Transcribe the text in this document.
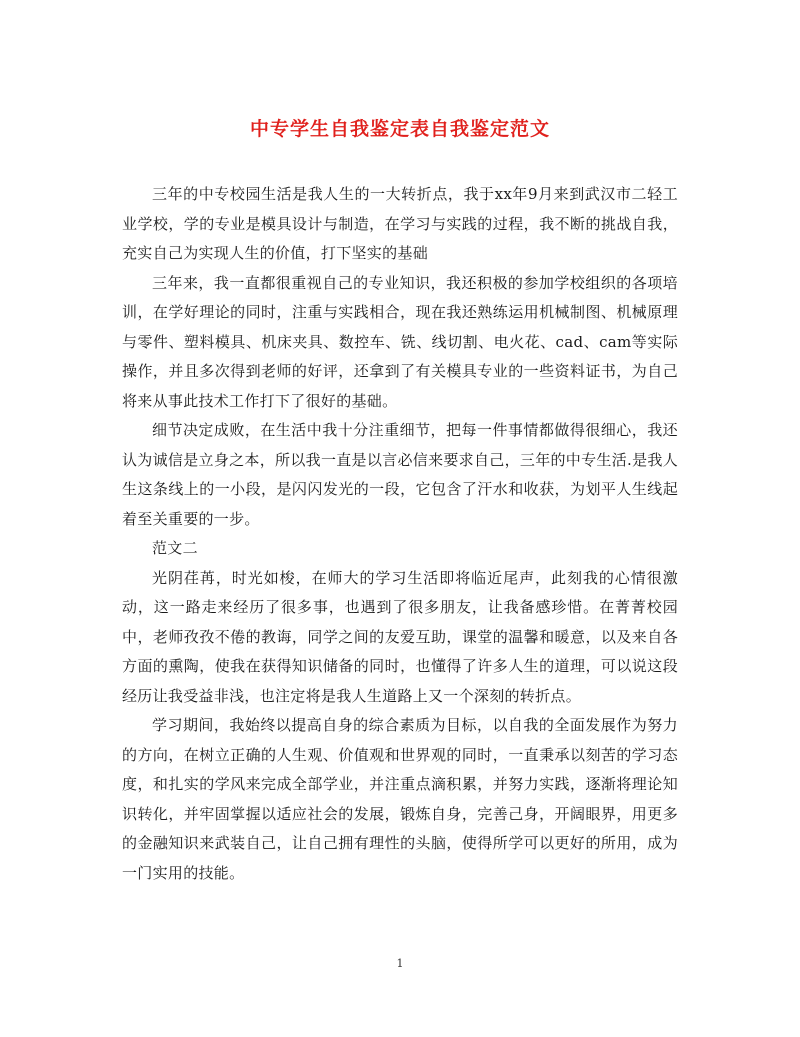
中专学生自我鉴定表自我鉴定范文

三年的中专校园生活是我人生的一大转折点，我于xx年9月来到武汉市二轻工业学校，学的专业是模具设计与制造，在学习与实践的过程，我不断的挑战自我，充实自己为实现人生的价值，打下坚实的基础

三年来，我一直都很重视自己的专业知识，我还积极的参加学校组织的各项培训，在学好理论的同时，注重与实践相合，现在我还熟练运用机械制图、机械原理与零件、塑料模具、机床夹具、数控车、铣、线切割、电火花、cad、cam等实际操作，并且多次得到老师的好评，还拿到了有关模具专业的一些资料证书，为自己将来从事此技术工作打下了很好的基础。

细节决定成败，在生活中我十分注重细节，把每一件事情都做得很细心，我还认为诚信是立身之本，所以我一直是以言必信来要求自己，三年的中专生活.是我人生这条线上的一小段，是闪闪发光的一段，它包含了汗水和收获，为划平人生线起着至关重要的一步。

范文二

光阴荏苒，时光如梭，在师大的学习生活即将临近尾声，此刻我的心情很激动，这一路走来经历了很多事，也遇到了很多朋友，让我备感珍惜。在菁菁校园中，老师孜孜不倦的教诲，同学之间的友爱互助，课堂的温馨和暖意，以及来自各方面的熏陶，使我在获得知识储备的同时，也懂得了许多人生的道理，可以说这段经历让我受益非浅，也注定将是我人生道路上又一个深刻的转折点。

学习期间，我始终以提高自身的综合素质为目标，以自我的全面发展作为努力的方向，在树立正确的人生观、价值观和世界观的同时，一直秉承以刻苦的学习态度，和扎实的学风来完成全部学业，并注重点滴积累，并努力实践，逐渐将理论知识转化，并牢固掌握以适应社会的发展，锻炼自身，完善己身，开阔眼界，用更多的金融知识来武装自己，让自己拥有理性的头脑，使得所学可以更好的所用，成为一门实用的技能。

1
